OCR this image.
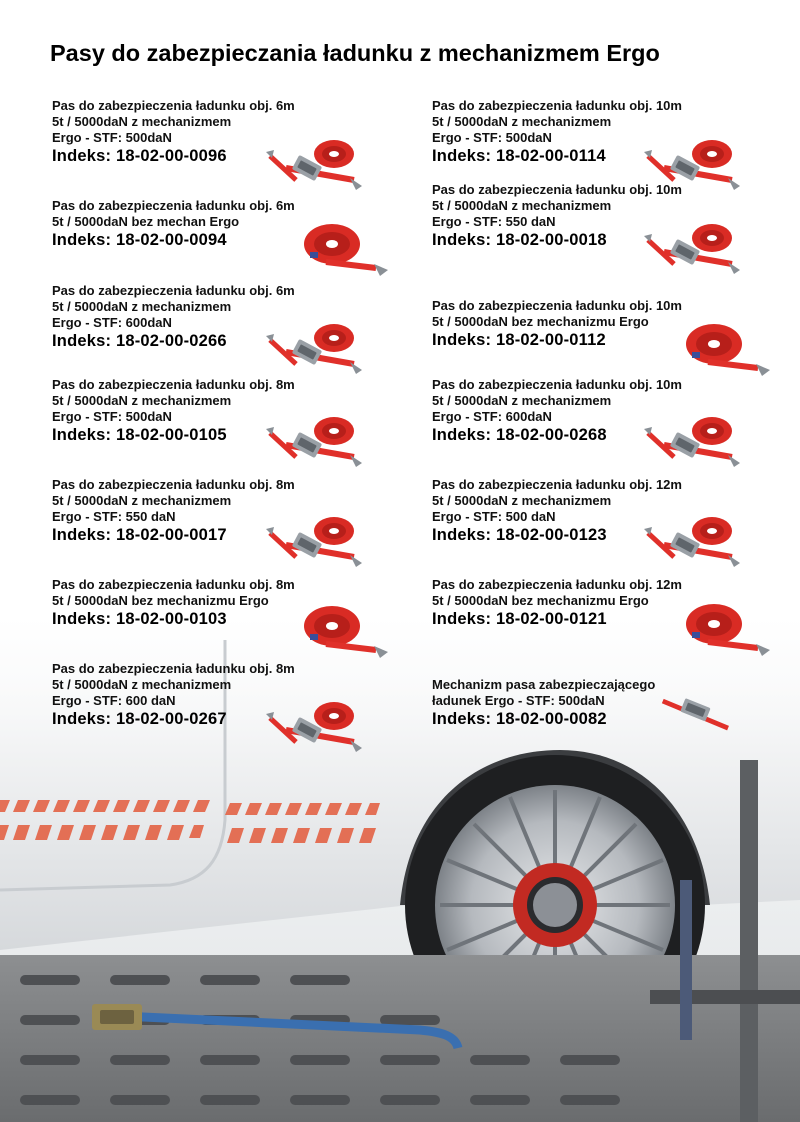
Pasy do zabezpieczania ładunku z mechanizmem Ergo

Pas do zabezpieczenia ładunku obj. 6m
5t / 5000daN z mechanizmem
Ergo - STF: 500daN

Indeks: 18-02-00-0096

Pas do zabezpieczenia ładunku obj. 6m
5t / 5000daN bez mechan Ergo

Indeks: 18-02-00-0094

Pas do zabezpieczenia ładunku obj. 6m
5t / 5000daN z mechanizmem
Ergo - STF: 600daN

Indeks: 18-02-00-0266

Pas do zabezpieczenia ładunku obj. 8m
5t / 5000daN z mechanizmem
Ergo - STF: 500daN

Indeks: 18-02-00-0105

Pas do zabezpieczenia ładunku obj. 8m
5t / 5000daN z mechanizmem
Ergo - STF: 550 daN

Indeks: 18-02-00-0017

Pas do zabezpieczenia ładunku obj. 8m
5t / 5000daN bez mechanizmu Ergo

Indeks: 18-02-00-0103

Pas do zabezpieczenia ładunku obj. 8m
5t / 5000daN z mechanizmem
Ergo - STF: 600 daN

Indeks: 18-02-00-0267

Pas do zabezpieczenia ładunku obj. 10m
5t / 5000daN z mechanizmem
Ergo - STF: 500daN

Indeks: 18-02-00-0114

Pas do zabezpieczenia ładunku obj. 10m
5t / 5000daN z mechanizmem
Ergo - STF: 550 daN

Indeks: 18-02-00-0018

Pas do zabezpieczenia ładunku obj. 10m
5t / 5000daN bez mechanizmu Ergo

Indeks: 18-02-00-0112

Pas do zabezpieczenia ładunku obj. 10m
5t / 5000daN z mechanizmem
Ergo - STF: 600daN

Indeks: 18-02-00-0268

Pas do zabezpieczenia ładunku obj. 12m
5t / 5000daN z mechanizmem
Ergo - STF: 500 daN

Indeks: 18-02-00-0123

Pas do zabezpieczenia ładunku obj. 12m
5t / 5000daN bez mechanizmu Ergo

Indeks: 18-02-00-0121

Mechanizm pasa zabezpieczającego
ładunek Ergo - STF: 500daN

Indeks: 18-02-00-0082
